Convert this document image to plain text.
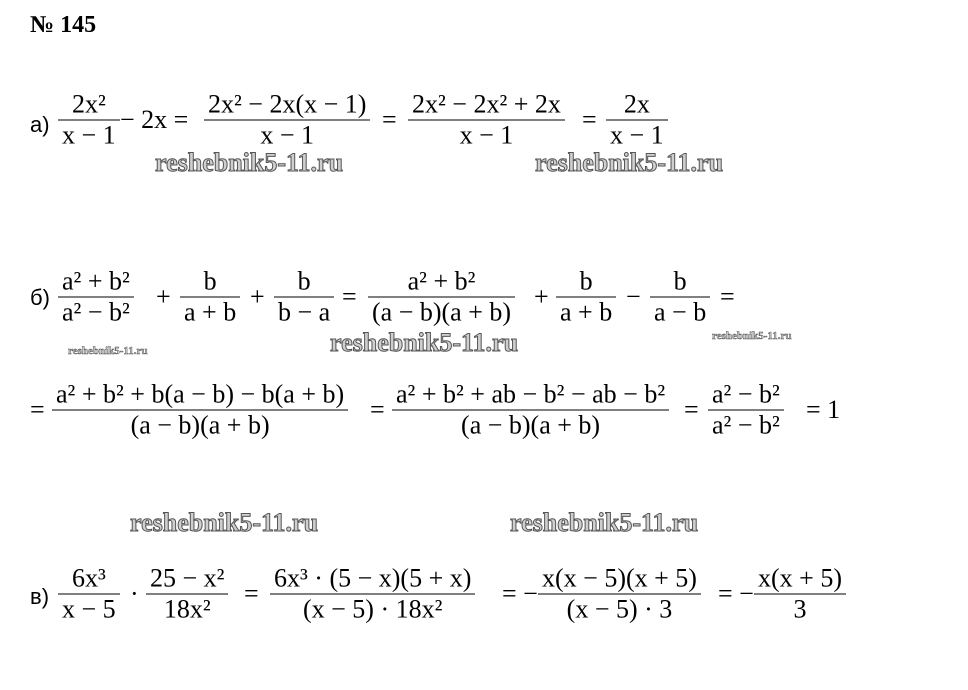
№ 145
а)
2x²
x − 1
− 2x =
2x² − 2x(x − 1)
x − 1
=
2x² − 2x² + 2x
x − 1
=
2x
x − 1
б)
a² + b²
a² − b²
+
b
a + b
+
b
b − a
=
a² + b²
(a − b)(a + b)
+
b
a + b
−
b
a − b
=
=
a² + b² + b(a − b) − b(a + b)
(a − b)(a + b)
=
a² + b² + ab − b² − ab − b²
(a − b)(a + b)
=
a² − b²
a² − b²
= 1
в)
6x³
x − 5
·
25 − x²
18x²
=
6x³ · (5 − x)(5 + x)
(x − 5) · 18x²
= −
x(x − 5)(x + 5)
(x − 5) · 3
= −
x(x + 5)
3
reshebnik5-11.ru	reshebnik5-11.ru
reshebnik5-11.ru	reshebnik5-11.ru	reshebnik5-11.ru
reshebnik5-11.ru	reshebnik5-11.ru
